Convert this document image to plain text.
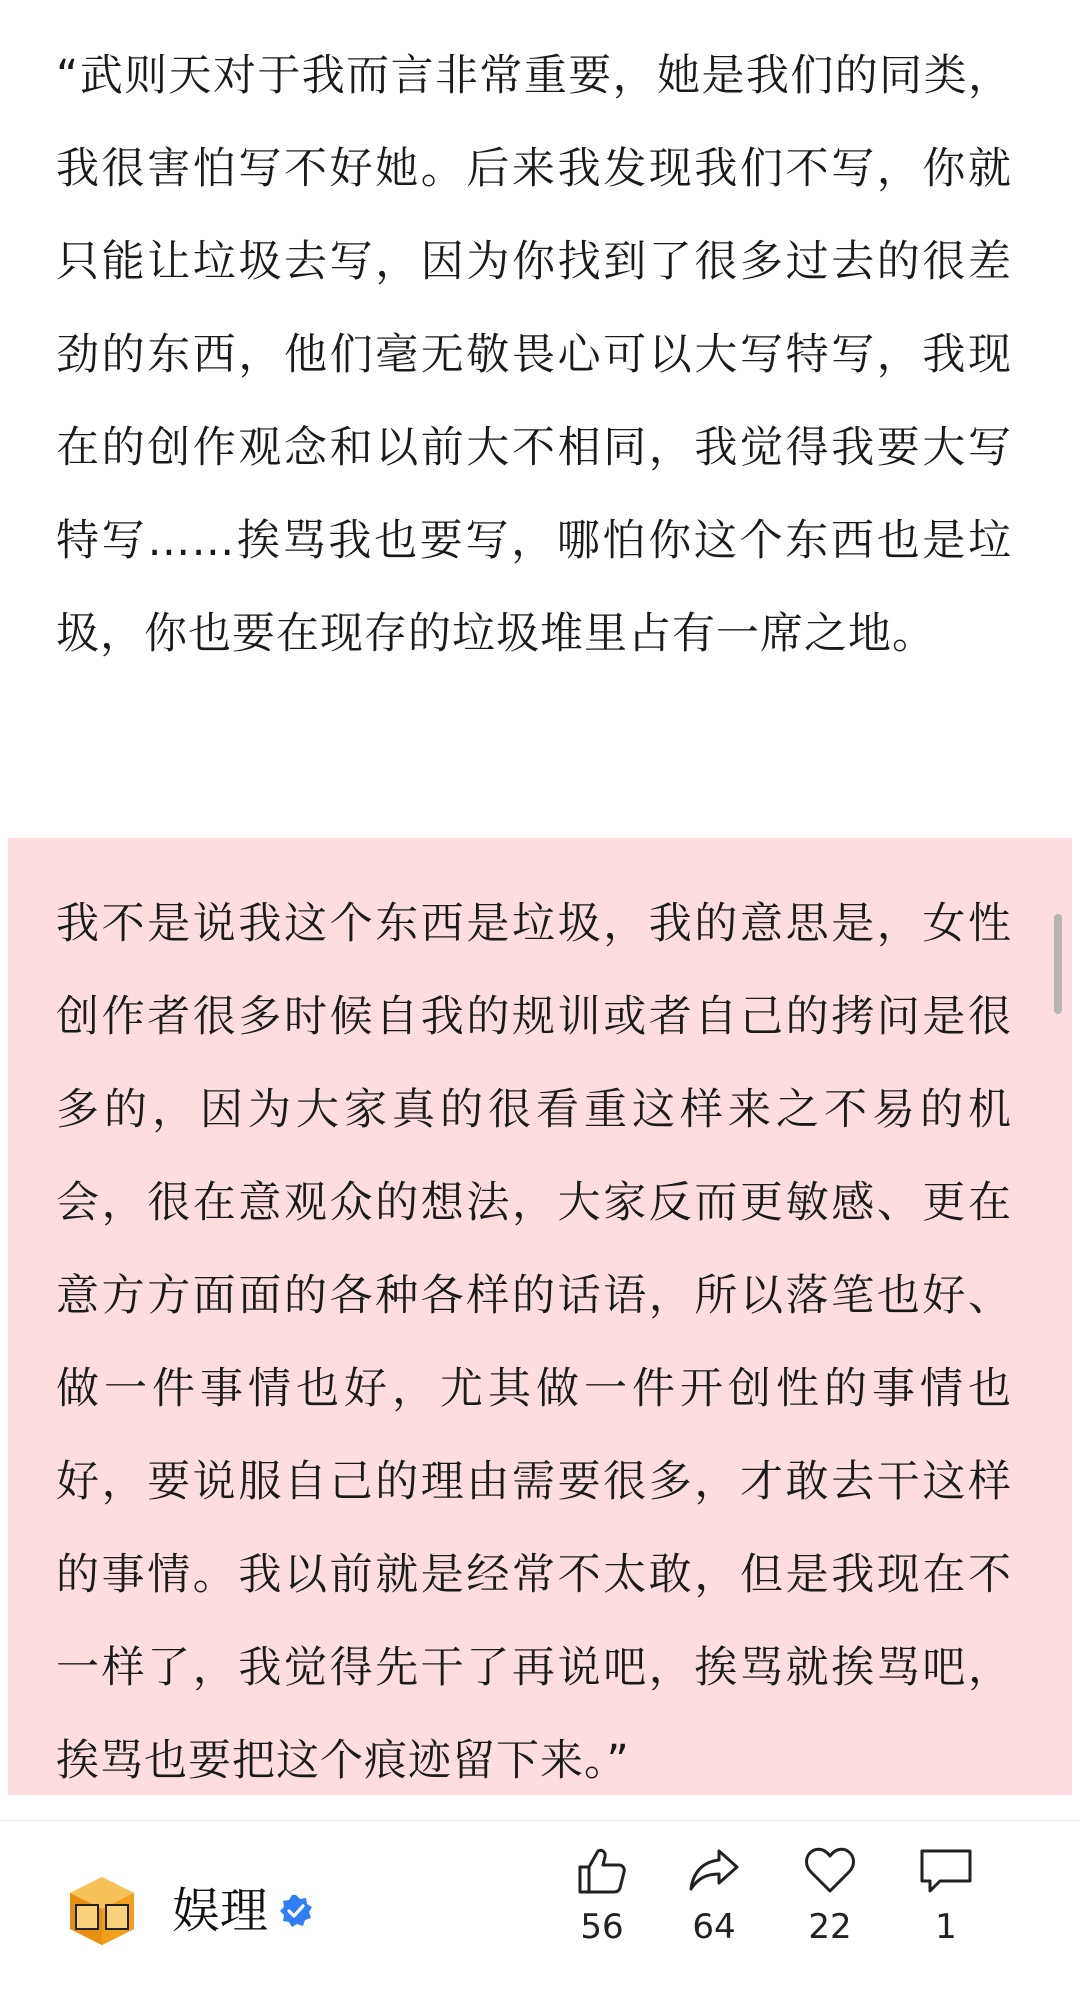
“武则天对于我而言非常重要，她是我们的同类，我很害怕写不好她。后来我发现我们不写，你就只能让垃圾去写，因为你找到了很多过去的很差劲的东西，他们毫无敬畏心可以大写特写，我现在的创作观念和以前大不相同，我觉得我要大写特写……挨骂我也要写，哪怕你这个东西也是垃圾，你也要在现存的垃圾堆里占有一席之地。

我不是说我这个东西是垃圾，我的意思是，女性创作者很多时候自我的规训或者自己的拷问是很多的，因为大家真的很看重这样来之不易的机会，很在意观众的想法，大家反而更敏感、更在意方方面面的各种各样的话语，所以落笔也好、做一件事情也好，尤其做一件开创性的事情也好，要说服自己的理由需要很多，才敢去干这样的事情。我以前就是经常不太敢，但是我现在不一样了，我觉得先干了再说吧，挨骂就挨骂吧，挨骂也要把这个痕迹留下来。”

娱理	56	64	22	1
